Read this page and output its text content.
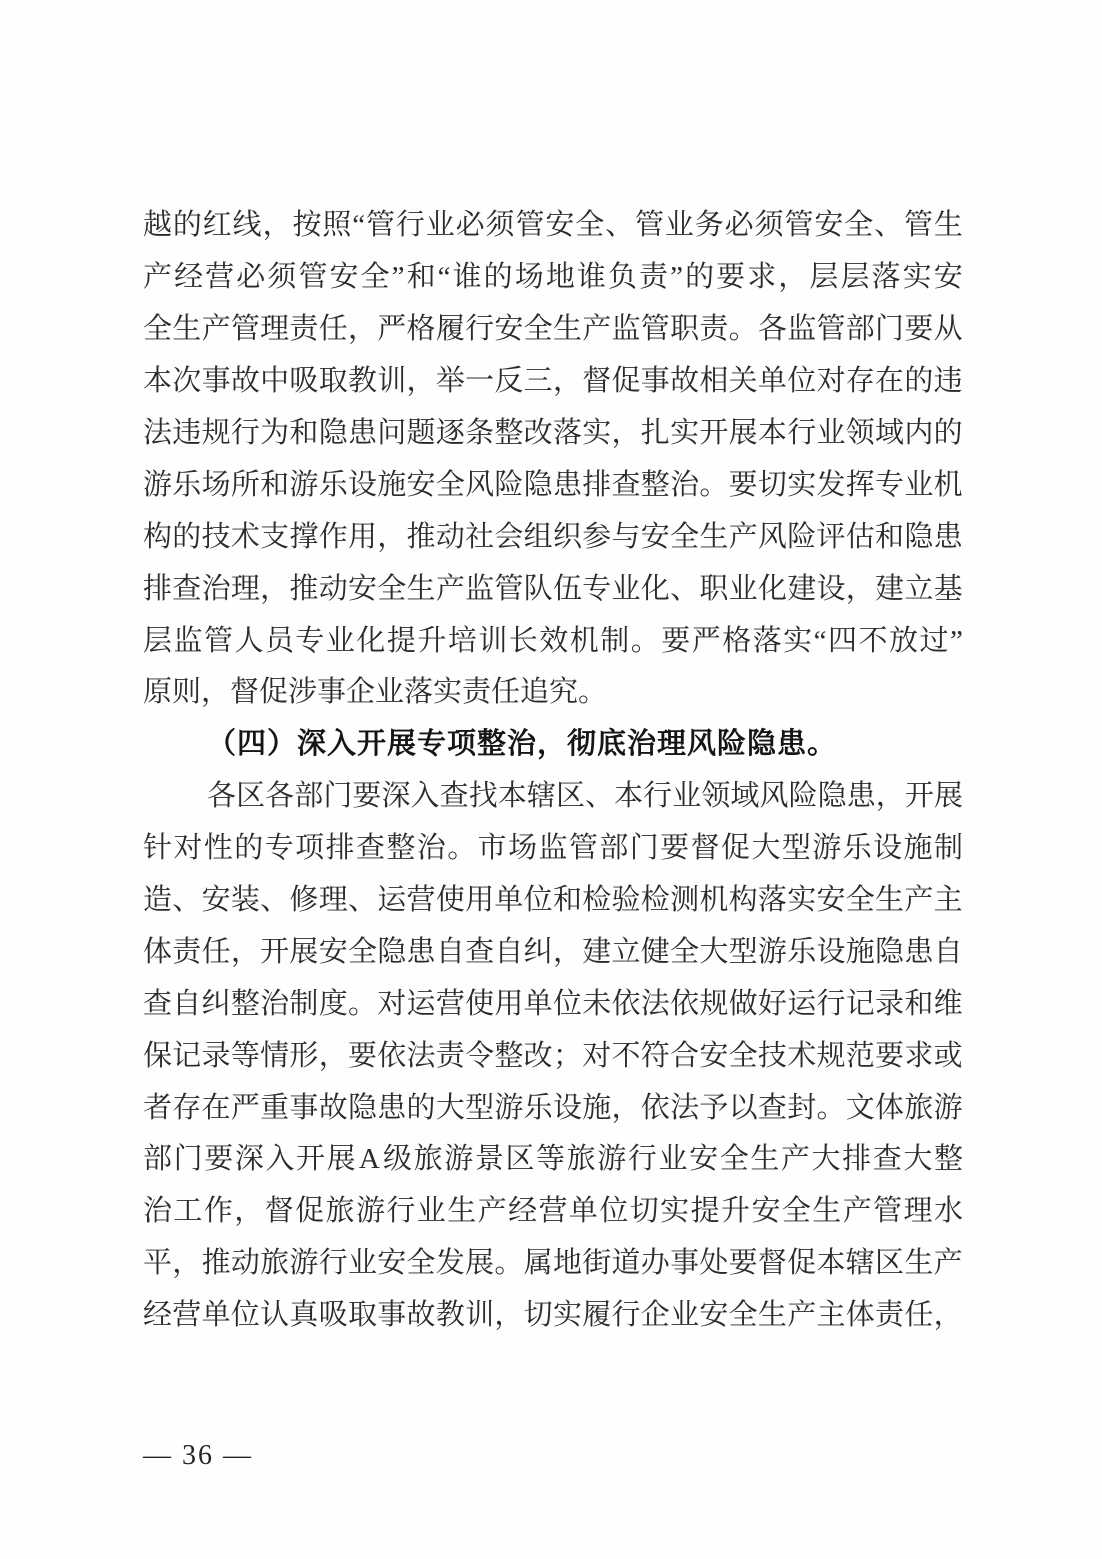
越 的 红 线 ， 按 照 “ 管 行 业 必 须 管 安 全 、 管 业 务 必 须 管 安 全 、 管 生
产 经 营 必 须 管 安 全 ” 和 “ 谁 的 场 地 谁 负 责 ” 的 要 求 ， 层 层 落 实 安
全 生 产 管 理 责 任 ， 严 格 履 行 安 全 生 产 监 管 职 责 。 各 监 管 部 门 要 从
本 次 事 故 中 吸 取 教 训 ， 举 一 反 三 ， 督 促 事 故 相 关 单 位 对 存 在 的 违
法 违 规 行 为 和 隐 患 问 题 逐 条 整 改 落 实 ， 扎 实 开 展 本 行 业 领 域 内 的
游 乐 场 所 和 游 乐 设 施 安 全 风 险 隐 患 排 查 整 治 。 要 切 实 发 挥 专 业 机
构 的 技 术 支 撑 作 用 ， 推 动 社 会 组 织 参 与 安 全 生 产 风 险 评 估 和 隐 患
排 查 治 理 ， 推 动 安 全 生 产 监 管 队 伍 专 业 化 、 职 业 化 建 设 ， 建 立 基
层 监 管 人 员 专 业 化 提 升 培 训 长 效 机 制 。 要 严 格 落 实 “ 四 不 放 过 ”
原则，督促涉事企业落实责任追究。
（四）深入开展专项整治，彻底治理风险隐患。
各 区 各 部 门 要 深 入 查 找 本 辖 区 、 本 行 业 领 域 风 险 隐 患 ， 开 展
针 对 性 的 专 项 排 查 整 治 。 市 场 监 管 部 门 要 督 促 大 型 游 乐 设 施 制
造 、 安 装 、 修 理 、 运 营 使 用 单 位 和 检 验 检 测 机 构 落 实 安 全 生 产 主
体 责 任 ， 开 展 安 全 隐 患 自 查 自 纠 ， 建 立 健 全 大 型 游 乐 设 施 隐 患 自
查 自 纠 整 治 制 度 。 对 运 营 使 用 单 位 未 依 法 依 规 做 好 运 行 记 录 和 维
保 记 录 等 情 形 ， 要 依 法 责 令 整 改 ； 对 不 符 合 安 全 技 术 规 范 要 求 或
者 存 在 严 重 事 故 隐 患 的 大 型 游 乐 设 施 ， 依 法 予 以 查 封 。 文 体 旅 游
部 门 要 深 入 开 展 A 级 旅 游 景 区 等 旅 游 行 业 安 全 生 产 大 排 查 大 整
治 工 作 ， 督 促 旅 游 行 业 生 产 经 营 单 位 切 实 提 升 安 全 生 产 管 理 水
平 ， 推 动 旅 游 行 业 安 全 发 展 。 属 地 街 道 办 事 处 要 督 促 本 辖 区 生 产
经 营 单 位 认 真 吸 取 事 故 教 训 ， 切 实 履 行 企 业 安 全 生 产 主 体 责 任 ，
— 36 —
